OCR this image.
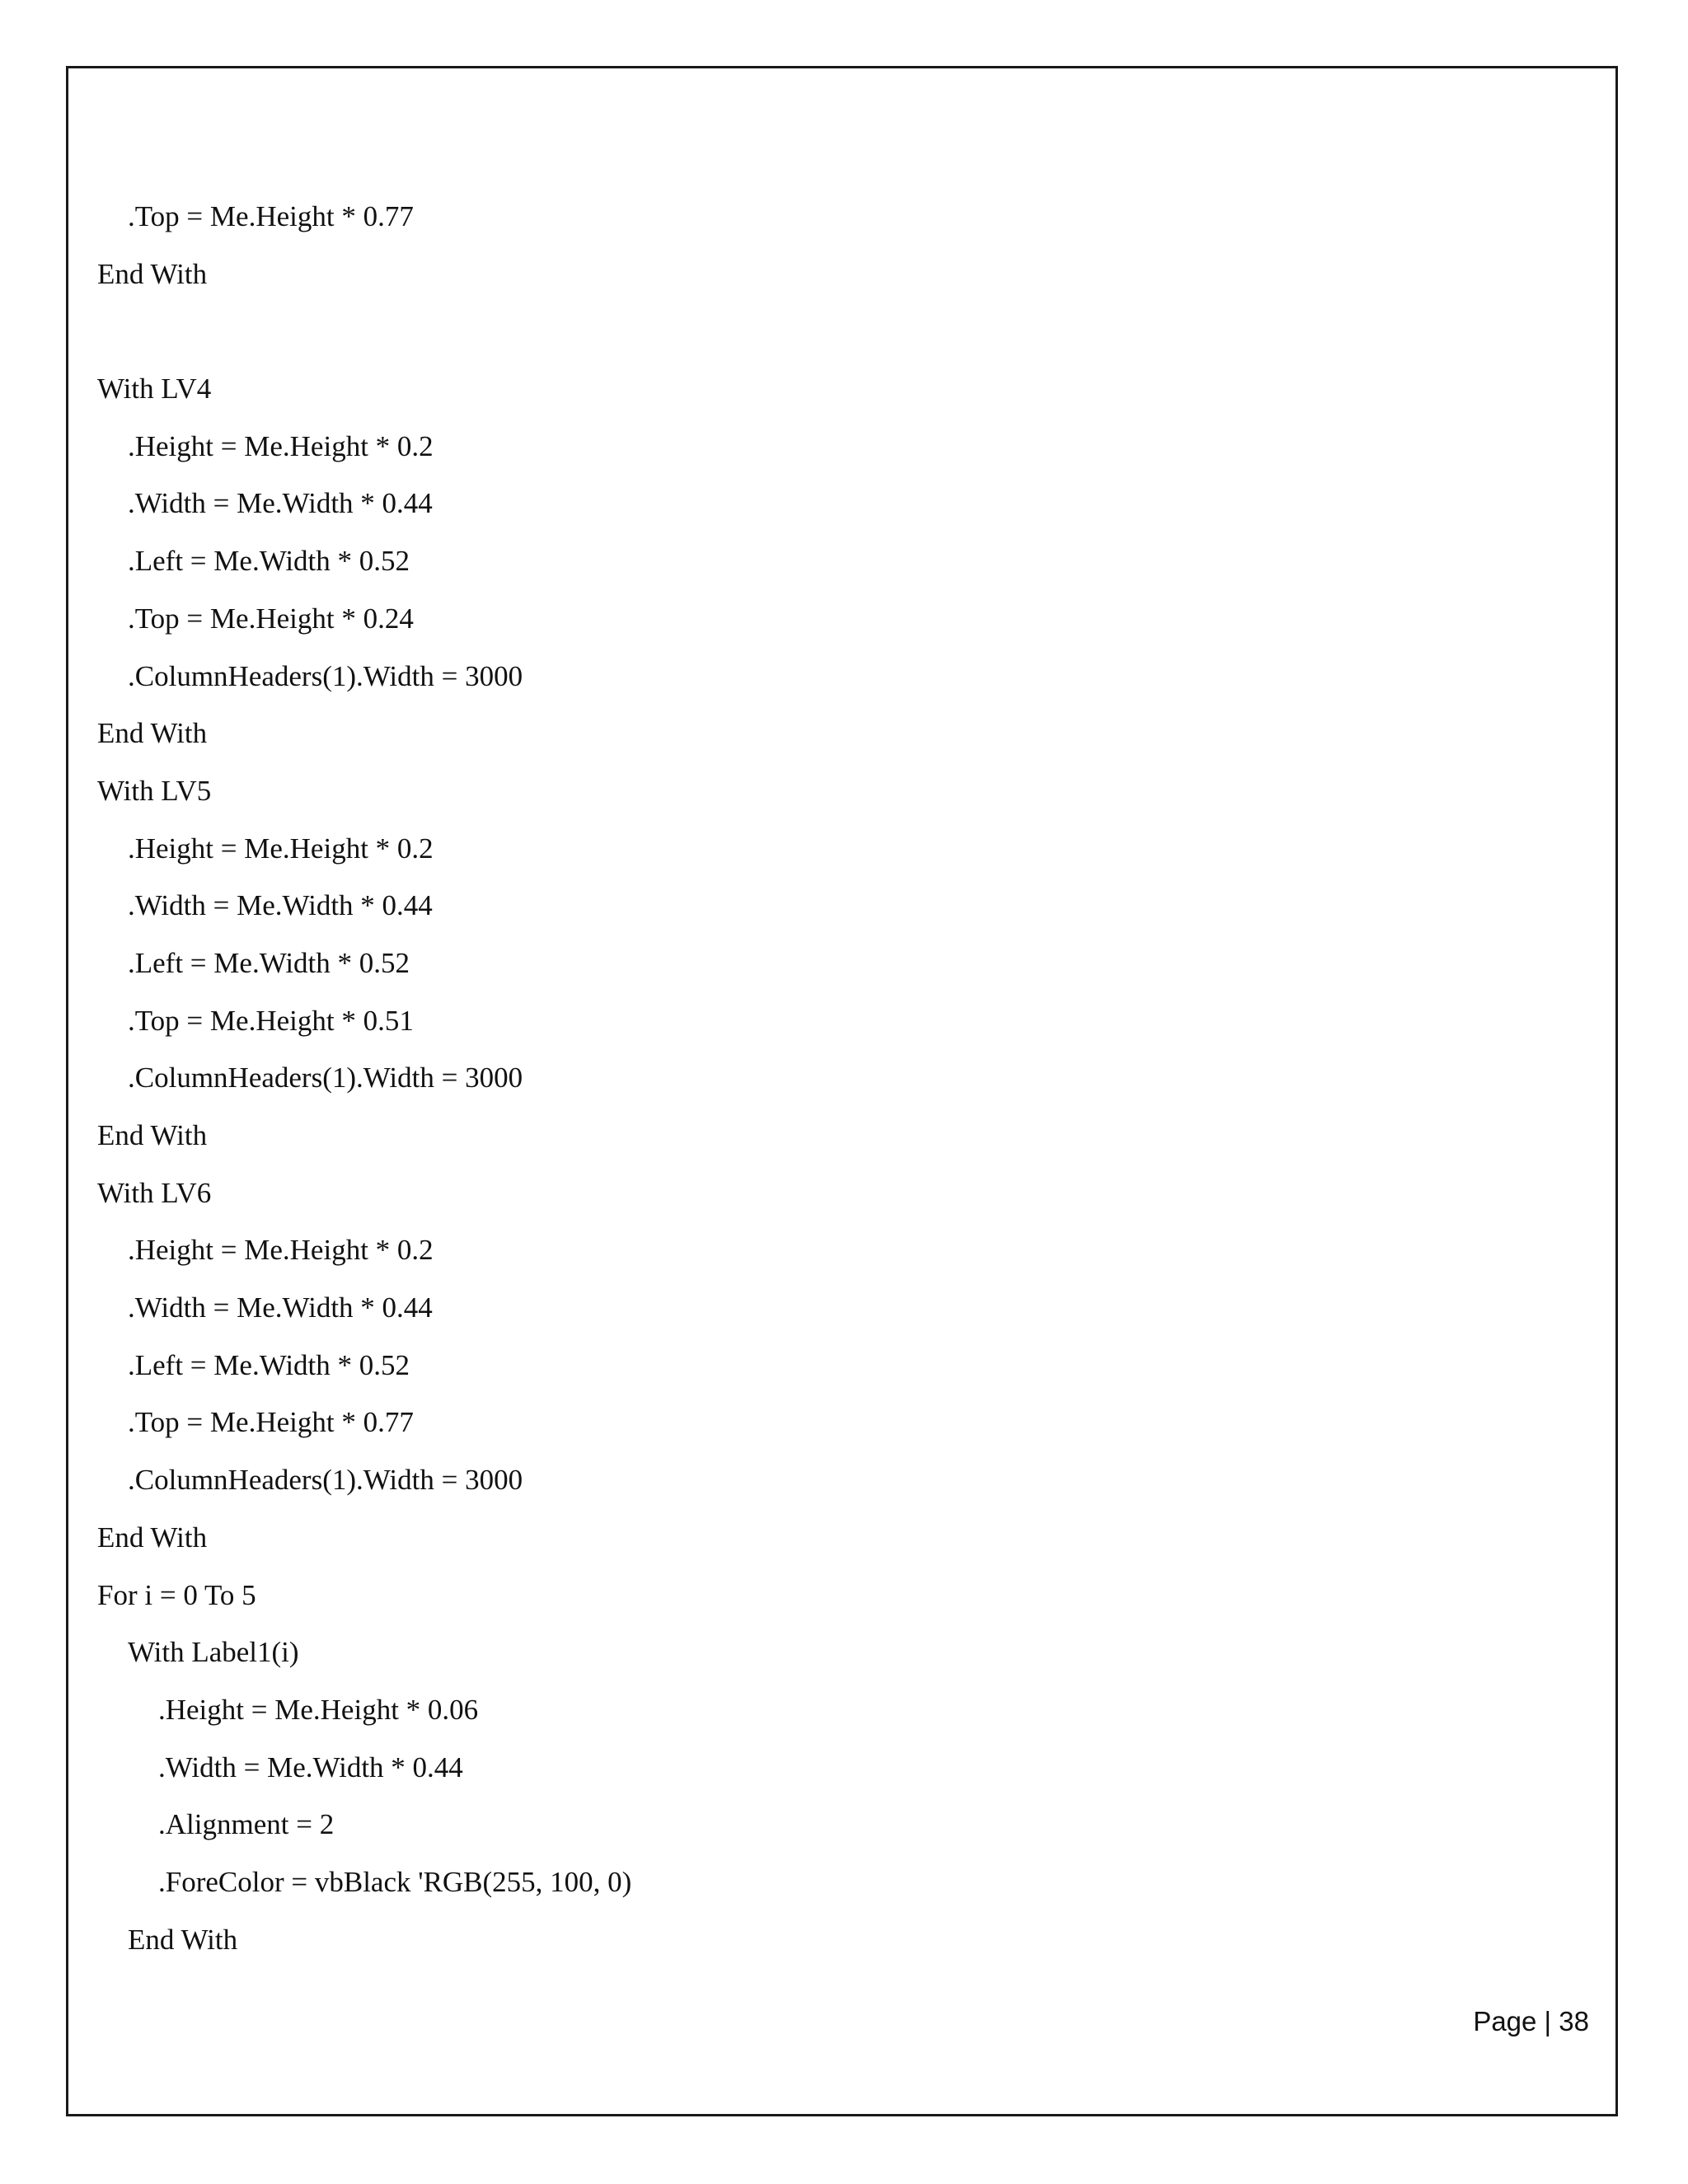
.Top = Me.Height * 0.77
End With
With LV4
.Height = Me.Height * 0.2
.Width = Me.Width * 0.44
.Left = Me.Width * 0.52
.Top = Me.Height * 0.24
.ColumnHeaders(1).Width = 3000
End With
With LV5
.Height = Me.Height * 0.2
.Width = Me.Width * 0.44
.Left = Me.Width * 0.52
.Top = Me.Height * 0.51
.ColumnHeaders(1).Width = 3000
End With
With LV6
.Height = Me.Height * 0.2
.Width = Me.Width * 0.44
.Left = Me.Width * 0.52
.Top = Me.Height * 0.77
.ColumnHeaders(1).Width = 3000
End With
For i = 0 To 5
With Label1(i)
.Height = Me.Height * 0.06
.Width = Me.Width * 0.44
.Alignment = 2
.ForeColor = vbBlack 'RGB(255, 100, 0)
End With
Page | 38
